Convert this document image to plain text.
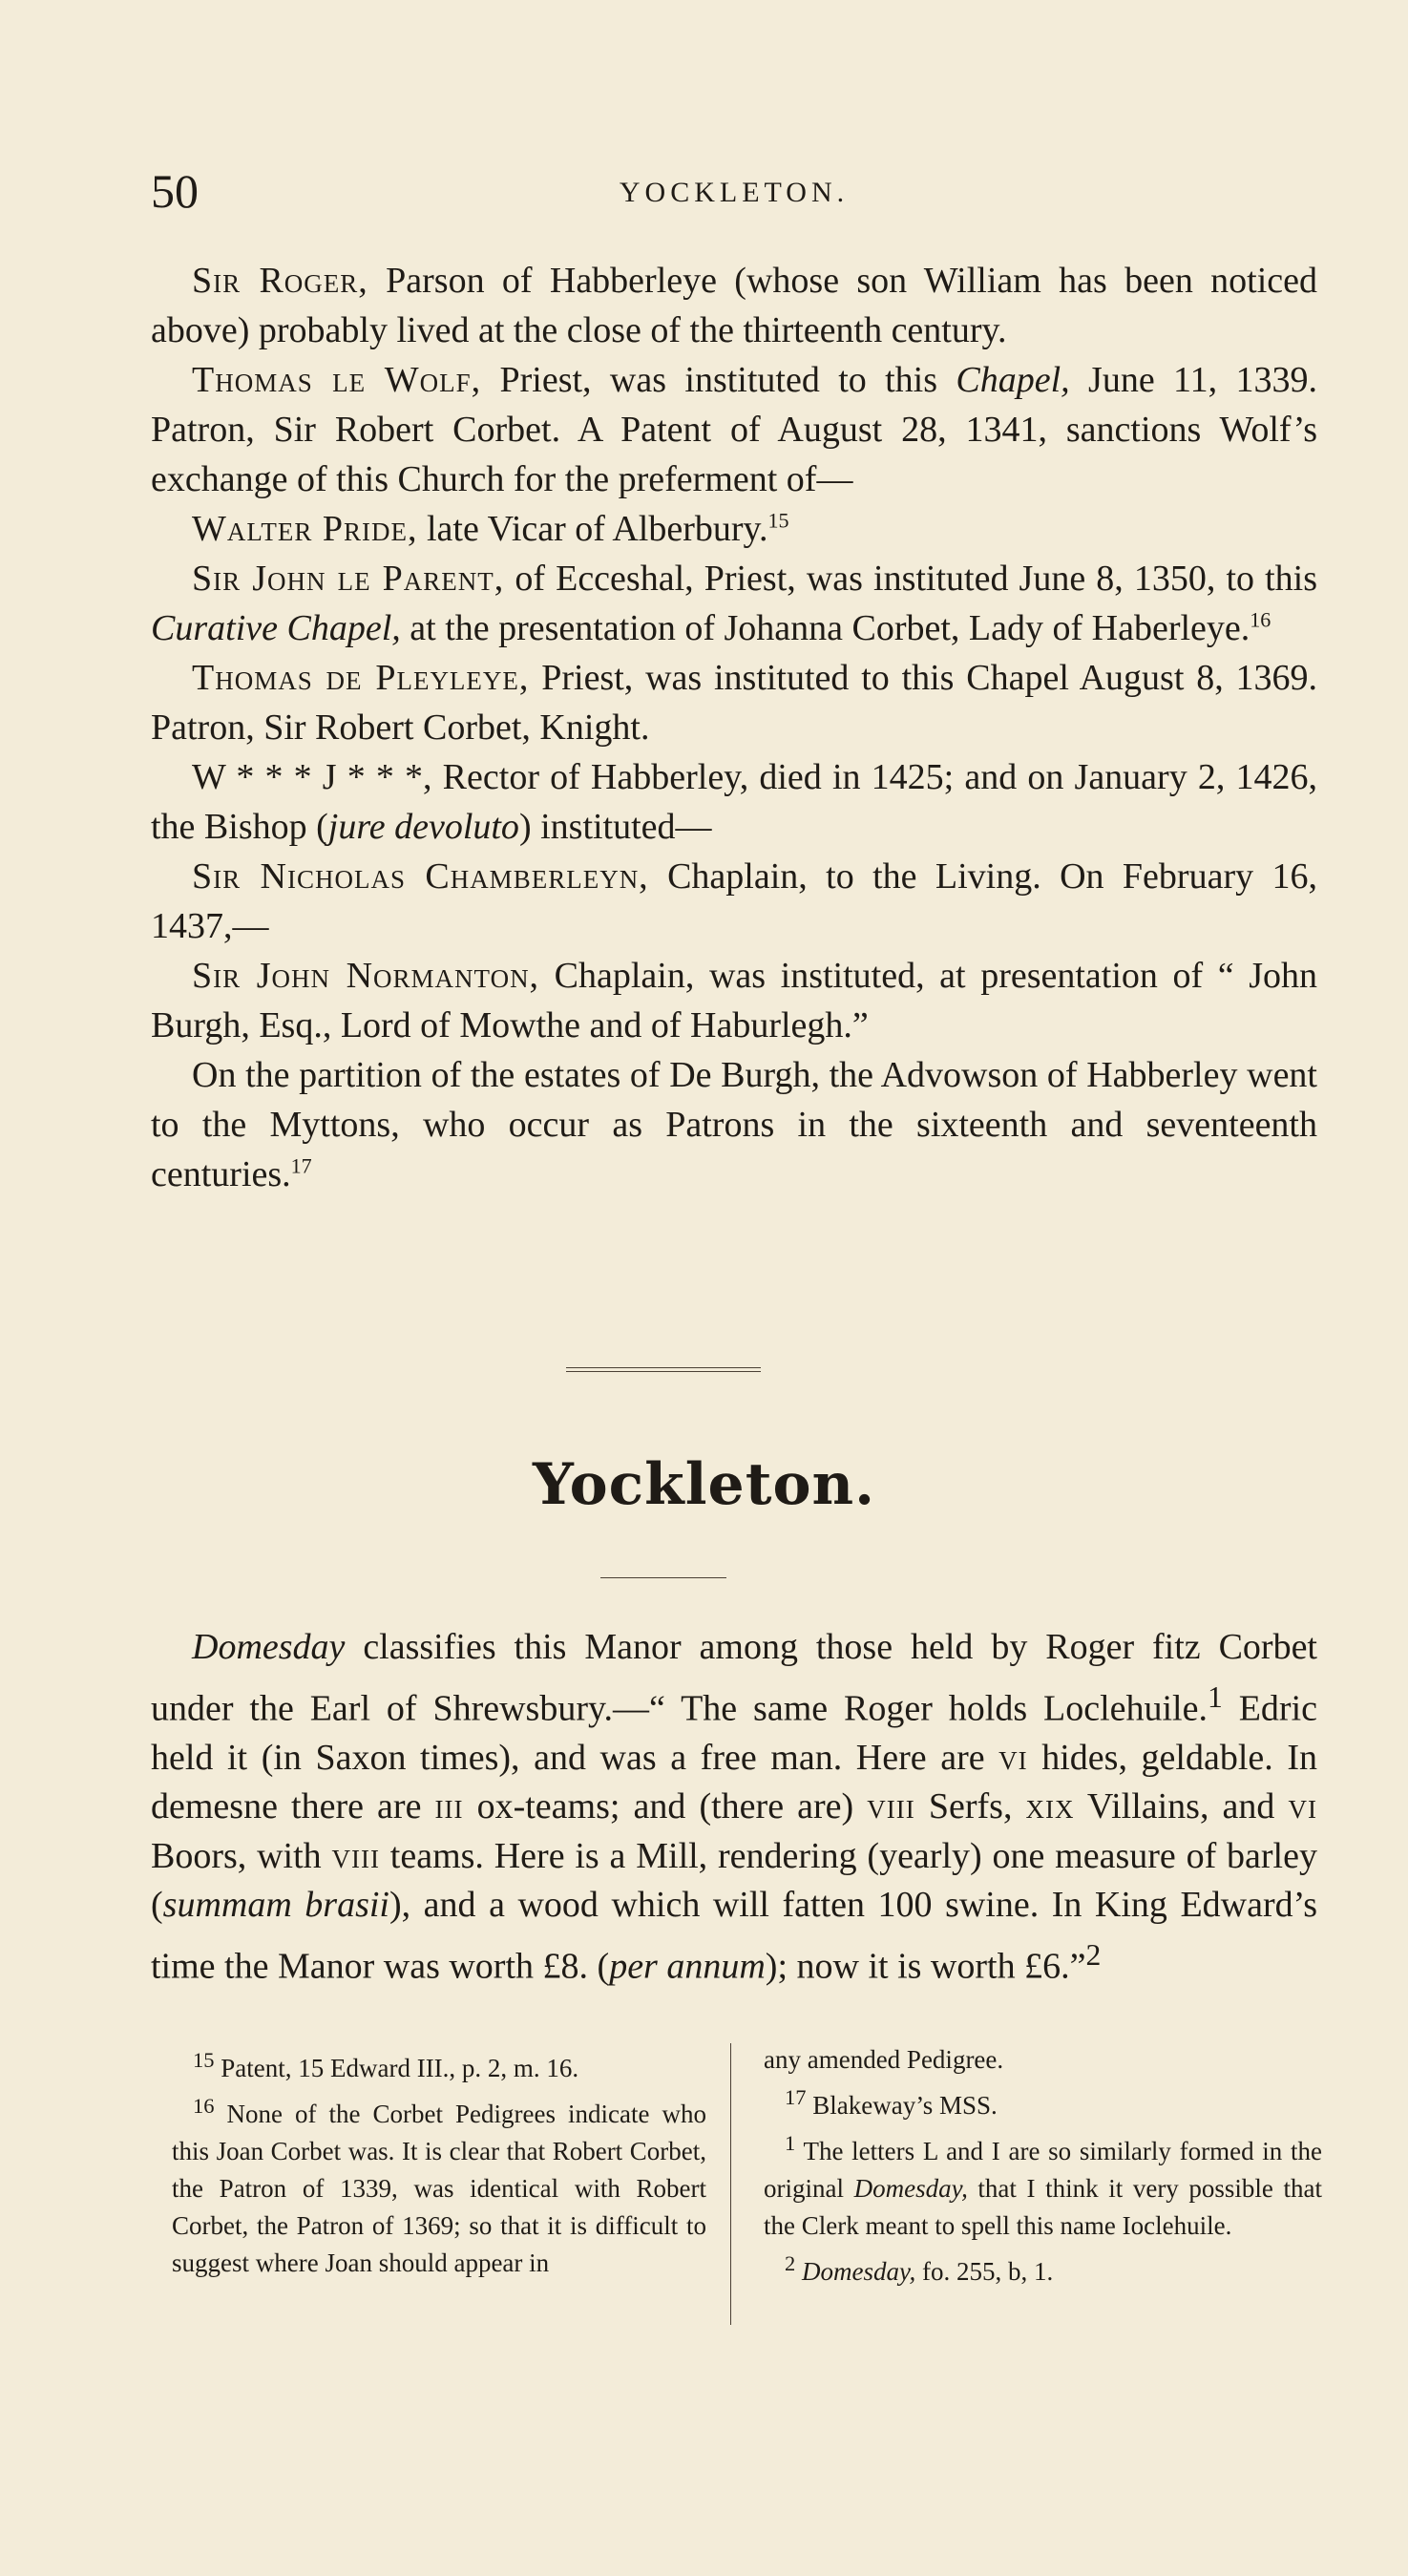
50	YOCKLETON.

Sir Roger, Parson of Habberleye (whose son William has been noticed above) probably lived at the close of the thirteenth century.

Thomas le Wolf, Priest, was instituted to this Chapel, June 11, 1339. Patron, Sir Robert Corbet. A Patent of August 28, 1341, sanctions Wolf’s exchange of this Church for the preferment of—

Walter Pride, late Vicar of Alberbury.$^{15}$

Sir John le Parent, of Ecceshal, Priest, was instituted June 8, 1350, to this Curative Chapel, at the presentation of Johanna Corbet, Lady of Haberleye.$^{16}$

Thomas de Pleyleye, Priest, was instituted to this Chapel August 8, 1369. Patron, Sir Robert Corbet, Knight.

W * * * J * * *, Rector of Habberley, died in 1425; and on January 2, 1426, the Bishop (jure devoluto) instituted—

Sir Nicholas Chamberleyn, Chaplain, to the Living. On February 16, 1437,—

Sir John Normanton, Chaplain, was instituted, at presentation of “ John Burgh, Esq., Lord of Mowthe and of Haburlegh.”

On the partition of the estates of De Burgh, the Advowson of Habberley went to the Myttons, who occur as Patrons in the sixteenth and seventeenth centuries.$^{17}$

Yockleton.

Domesday classifies this Manor among those held by Roger fitz Corbet under the Earl of Shrewsbury.—“ The same Roger holds Loclehuile.$^1$ Edric held it (in Saxon times), and was a free man. Here are vi hides, geldable. In demesne there are iii ox-teams; and (there are) viii Serfs, xix Villains, and vi Boors, with viii teams. Here is a Mill, rendering (yearly) one measure of barley (summam brasii), and a wood which will fatten 100 swine. In King Edward’s time the Manor was worth £8. (per annum); now it is worth £6.”$^2$

$^{15}$ Patent, 15 Edward III., p. 2, m. 16.

$^{16}$ None of the Corbet Pedigrees indicate who this Joan Corbet was. It is clear that Robert Corbet, the Patron of 1339, was identical with Robert Corbet, the Patron of 1369; so that it is difficult to suggest where Joan should appear in

any amended Pedigree.

$^{17}$ Blakeway’s MSS.

$^1$ The letters L and I are so similarly formed in the original Domesday, that I think it very possible that the Clerk meant to spell this name Ioclehuile.

$^2$ Domesday, fo. 255, b, 1.
